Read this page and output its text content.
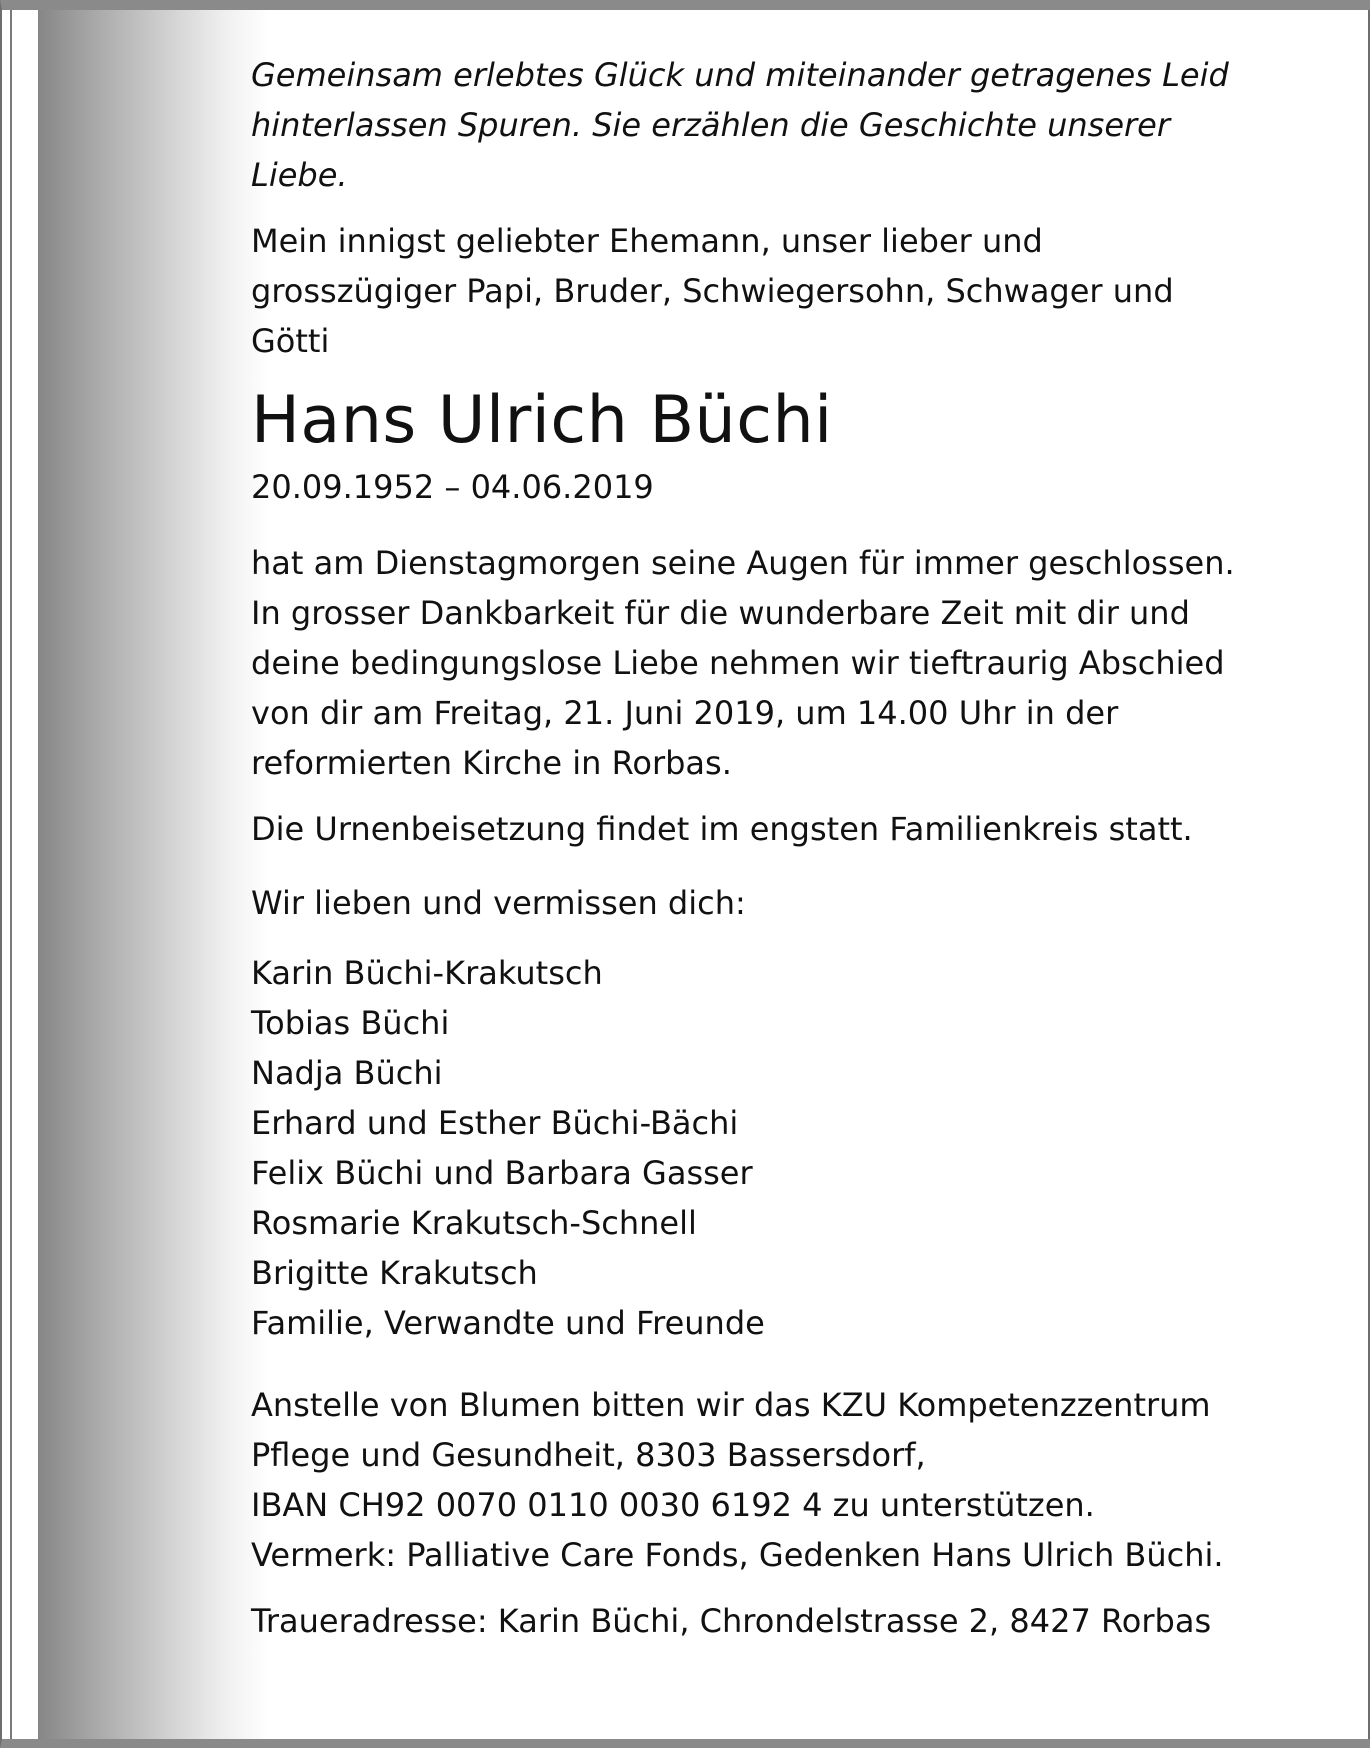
Gemeinsam erlebtes Glück und miteinander getragenes Leid
hinterlassen Spuren. Sie erzählen die Geschichte unserer
Liebe.

Mein innigst geliebter Ehemann, unser lieber und
grosszügiger Papi, Bruder, Schwiegersohn, Schwager und
Götti

Hans Ulrich Büchi

20.09.1952 – 04.06.2019

hat am Dienstagmorgen seine Augen für immer geschlossen.
In grosser Dankbarkeit für die wunderbare Zeit mit dir und
deine bedingungslose Liebe nehmen wir tieftraurig Abschied
von dir am Freitag, 21. Juni 2019, um 14.00 Uhr in der
reformierten Kirche in Rorbas.

Die Urnenbeisetzung findet im engsten Familienkreis statt.

Wir lieben und vermissen dich:

Karin Büchi-Krakutsch
Tobias Büchi
Nadja Büchi
Erhard und Esther Büchi-Bächi
Felix Büchi und Barbara Gasser
Rosmarie Krakutsch-Schnell
Brigitte Krakutsch
Familie, Verwandte und Freunde

Anstelle von Blumen bitten wir das KZU Kompetenzzentrum
Pflege und Gesundheit, 8303 Bassersdorf,
IBAN CH92 0070 0110 0030 6192 4 zu unterstützen.
Vermerk: Palliative Care Fonds, Gedenken Hans Ulrich Büchi.

Traueradresse: Karin Büchi, Chrondelstrasse 2, 8427 Rorbas
